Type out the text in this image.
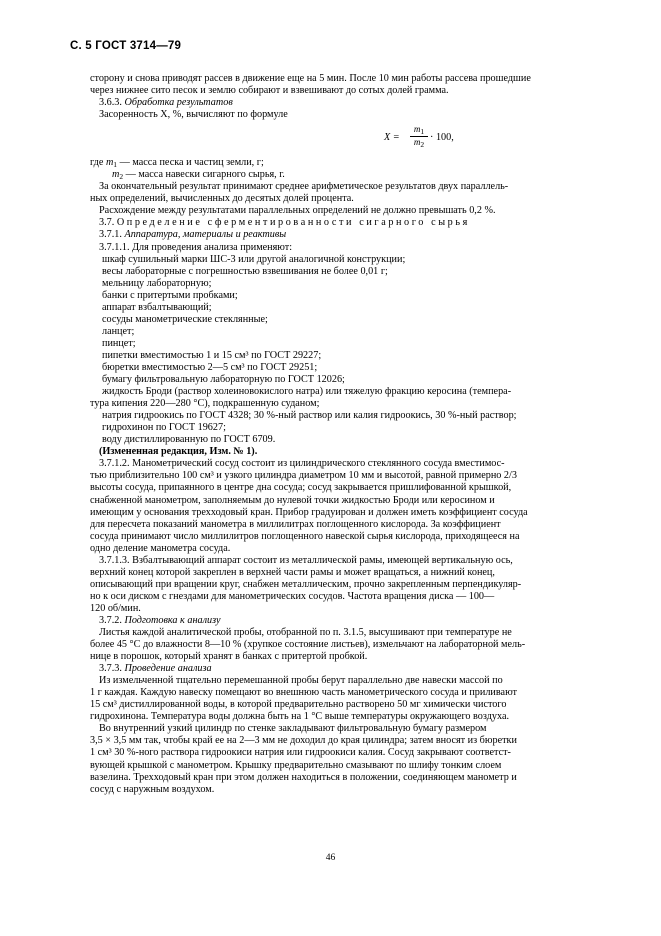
С. 5 ГОСТ 3714—79

сторону и снова приводят рассев в движение еще на 5 мин. После 10 мин работы рассева прошедшие
через нижнее сито песок и землю собирают и взвешивают до сотых долей грамма.

3.6.3. Обработка результатов

Засоренность X, %, вычисляют по формуле

$X = \frac{m_1}{m_2} \cdot 100$,

где m1 — масса песка и частиц земли, г;
m2 — масса навески сигарного сырья, г.

За окончательный результат принимают среднее арифметическое результатов двух параллель-
ных определений, вычисленных до десятых долей процента.

Расхождение между результатами параллельных определений не должно превышать 0,2 %.

3.7. Определение сферментированности сигарного сырья

3.7.1. Аппаратура, материалы и реактивы

3.7.1.1. Для проведения анализа применяют:

шкаф сушильный марки ШС-3 или другой аналогичной конструкции;

весы лабораторные с погрешностью взвешивания не более 0,01 г;

мельницу лабораторную;

банки с притертыми пробками;

аппарат взбалтывающий;

сосуды манометрические стеклянные;

ланцет;

пинцет;

пипетки вместимостью 1 и 15 см³ по ГОСТ 29227;

бюретки вместимостью 2—5 см³ по ГОСТ 29251;

бумагу фильтровальную лабораторную по ГОСТ 12026;

жидкость Броди (раствор холеиновокислого натра) или тяжелую фракцию керосина (темпера-
тура кипения 220—280 °С), подкрашенную суданом;

натрия гидроокись по ГОСТ 4328; 30 %-ный раствор или калия гидроокись, 30 %-ный раствор;

гидрохинон по ГОСТ 19627;

воду дистиллированную по ГОСТ 6709.

(Измененная редакция, Изм. № 1).

3.7.1.2. Манометрический сосуд состоит из цилиндрического стеклянного сосуда вместимос-
тью приблизительно 100 см³ и узкого цилиндра диаметром 10 мм и высотой, равной примерно 2/3
высоты сосуда, припаянного в центре дна сосуда; сосуд закрывается пришлифованной крышкой,
снабженной манометром, заполняемым до нулевой точки жидкостью Броди или керосином и
имеющим у основания трехходовый кран. Прибор градуирован и должен иметь коэффициент сосуда
для пересчета показаний манометра в миллилитрах поглощенного кислорода. За коэффициент
сосуда принимают число миллилитров поглощенного навеской сырья кислорода, приходящееся на
одно деление манометра сосуда.

3.7.1.3. Взбалтывающий аппарат состоит из металлической рамы, имеющей вертикальную ось,
верхний конец которой закреплен в верхней части рамы и может вращаться, а нижний конец,
описывающий при вращении круг, снабжен металлическим, прочно закрепленным перпендикуляр-
но к оси диском с гнездами для манометрических сосудов. Частота вращения диска — 100—
120 об/мин.

3.7.2. Подготовка к анализу

Листья каждой аналитической пробы, отобранной по п. 3.1.5, высушивают при температуре не
более 45 °С до влажности 8—10 % (хрупкое состояние листьев), измельчают на лабораторной мель-
нице в порошок, который хранят в банках с притертой пробкой.

3.7.3. Проведение анализа

Из измельченной тщательно перемешанной пробы берут параллельно две навески массой по
1 г каждая. Каждую навеску помещают во внешнюю часть манометрического сосуда и приливают
15 см³ дистиллированной воды, в которой предварительно растворено 50 мг химически чистого
гидрохинона. Температура воды должна быть на 1 °С выше температуры окружающего воздуха.

Во внутренний узкий цилиндр по стенке закладывают фильтровальную бумагу размером
3,5 × 3,5 мм так, чтобы край ее на 2—3 мм не доходил до края цилиндра; затем вносят из бюретки
1 см³ 30 %-ного раствора гидроокиси натрия или гидроокиси калия. Сосуд закрывают соответст-
вующей крышкой с манометром. Крышку предварительно смазывают по шлифу тонким слоем
вазелина. Трехходовый кран при этом должен находиться в положении, соединяющем манометр и
сосуд с наружным воздухом.

46
